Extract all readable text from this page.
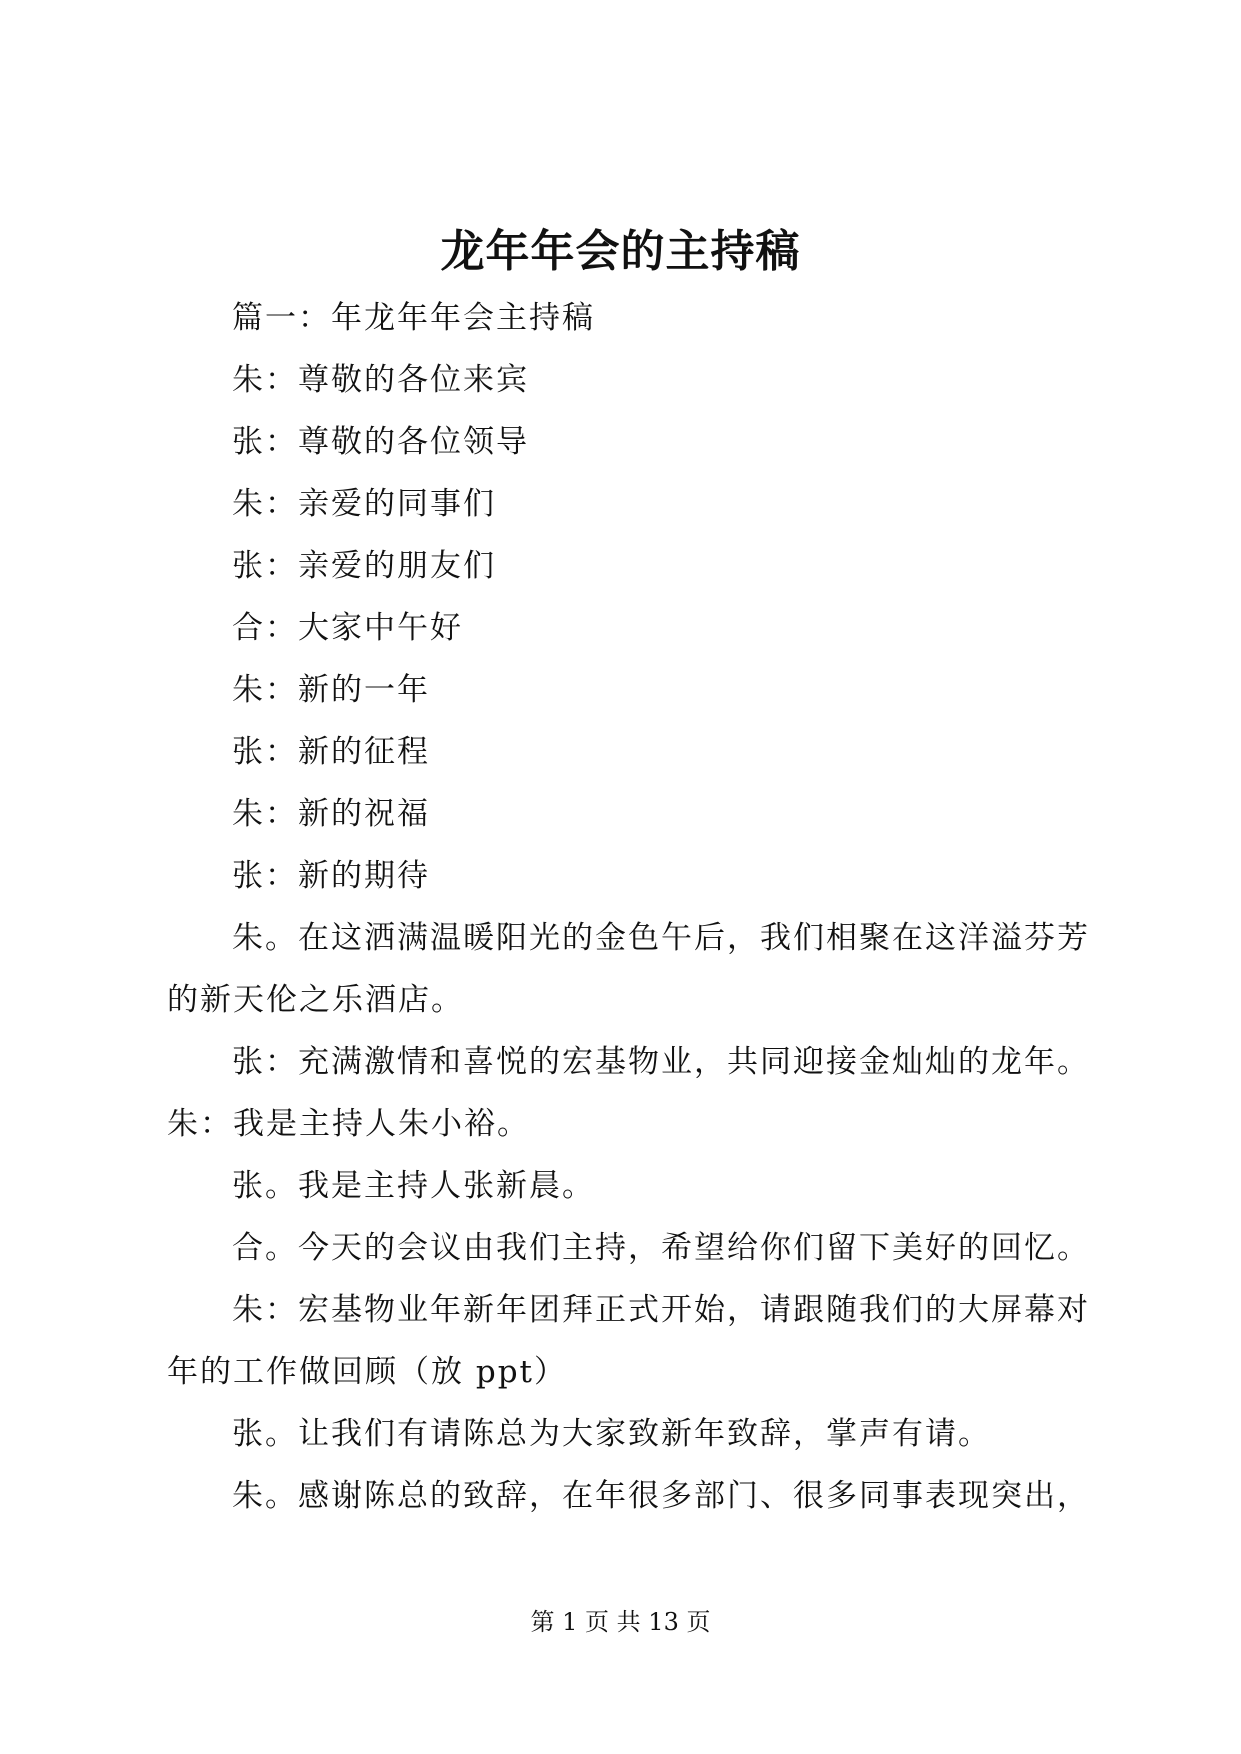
龙年年会的主持稿
篇一：年龙年年会主持稿
朱：尊敬的各位来宾
张：尊敬的各位领导
朱：亲爱的同事们
张：亲爱的朋友们
合：大家中午好
朱：新的一年
张：新的征程
朱：新的祝福
张：新的期待
朱。在这洒满温暖阳光的金色午后，我们相聚在这洋溢芬芳
的新天伦之乐酒店。
张：充满激情和喜悦的宏基物业，共同迎接金灿灿的龙年。
朱：我是主持人朱小裕。
张。我是主持人张新晨。
合。今天的会议由我们主持，希望给你们留下美好的回忆。
朱：宏基物业年新年团拜正式开始，请跟随我们的大屏幕对
年的工作做回顾（放 ppt）
张。让我们有请陈总为大家致新年致辞，掌声有请。
朱。感谢陈总的致辞，在年很多部门、很多同事表现突出，
第 1 页 共 13 页
